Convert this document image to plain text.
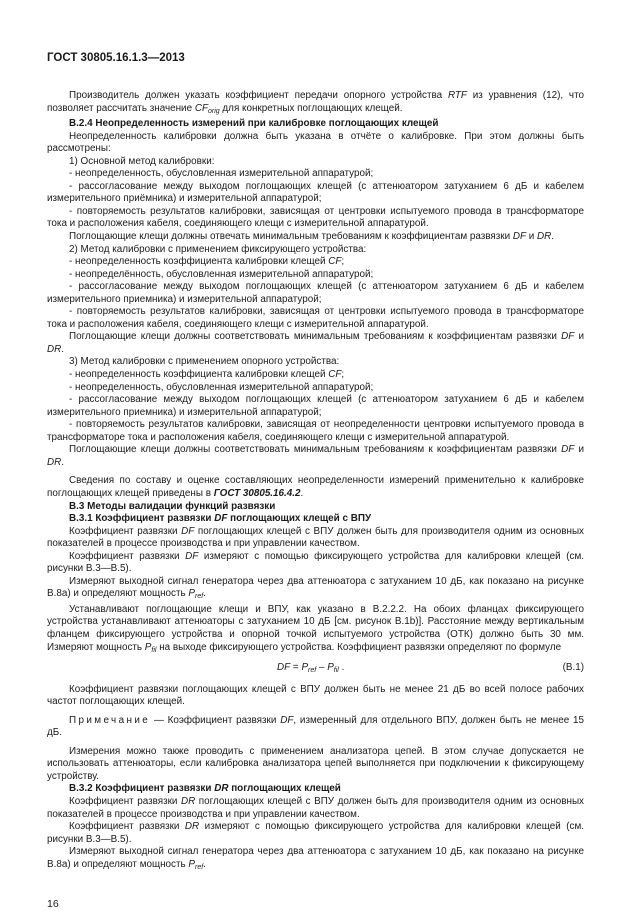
ГОСТ 30805.16.1.3—2013

Производитель должен указать коэффициент передачи опорного устройства RTF из уравнения (12), что позволяет рассчитать значение $CF_{orig}$ для конкретных поглощающих клещей.

B.2.4 Неопределенность измерений при калибровке поглощающих клещей

Неопределенность калибровки должна быть указана в отчёте о калибровке. При этом должны быть рассмотрены:

1) Основной метод калибровки:

- неопределенность, обусловленная измерительной аппаратурой;

- рассогласование между выходом поглощающих клещей (с аттенюатором затуханием 6 дБ и кабелем измерительного приёмника) и измерительной аппаратурой;

- повторяемость результатов калибровки, зависящая от центровки испытуемого провода в трансформаторе тока и расположения кабеля, соединяющего клещи с измерительной аппаратурой.

Поглощающие клещи должны отвечать минимальным требованиям к коэффициентам развязки DF и DR.

2) Метод калибровки с применением фиксирующего устройства:

- неопределенность коэффициента калибровки клещей CF;

- неопределённость, обусловленная измерительной аппаратурой;

- рассогласование между выходом поглощающих клещей (с аттенюатором затуханием 6 дБ и кабелем измерительного приемника) и измерительной аппаратурой;

- повторяемость результатов калибровки, зависящая от центровки испытуемого провода в трансформаторе тока и расположения кабеля, соединяющего клещи с измерительной аппаратурой.

Поглощающие клещи должны соответствовать минимальным требованиям к коэффициентам развязки DF и DR.

3) Метод калибровки с применением опорного устройства:

- неопределенность коэффициента калибровки клещей CF;

- неопределенность, обусловленная измерительной аппаратурой;

- рассогласование между выходом поглощающих клещей (с аттенюатором затуханием 6 дБ и кабелем измерительного приемника) и измерительной аппаратурой;

- повторяемость результатов калибровки, зависящая от неопределенности центровки испытуемого провода в трансформаторе тока и расположения кабеля, соединяющего клещи с измерительной аппаратурой.

Поглощающие клещи должны соответствовать минимальным требованиям к коэффициентам развязки DF и DR.

Сведения по составу и оценке составляющих неопределенности измерений применительно к калибровке поглощающих клещей приведены в ГОСТ 30805.16.4.2.

B.3 Методы валидации функций развязки

B.3.1 Коэффициент развязки DF поглощающих клещей с ВПУ

Коэффициент развязки DF поглощающих клещей с ВПУ должен быть для производителя одним из основных показателей в процессе производства и при управлении качеством.

Коэффициент развязки DF измеряют с помощью фиксирующего устройства для калибровки клещей (см. рисунки B.3—B.5).

Измеряют выходной сигнал генератора через два аттенюатора с затуханием 10 дБ, как показано на рисунке B.8a) и определяют мощность $P_{ref}$.

Устанавливают поглощающие клещи и ВПУ, как указано в B.2.2.2. На обоих фланцах фиксирующего устройства устанавливают аттенюаторы с затуханием 10 дБ [см. рисунок B.1b)]. Расстояние между вертикальным фланцем фиксирующего устройства и опорной точкой испытуемого устройства (ОТК) должно быть 30 мм. Измеряют мощность $P_{fil}$ на выходе фиксирующего устройства. Коэффициент развязки определяют по формуле

DF = $P_{ref} - P_{fil}$ .	(B.1)

Коэффициент развязки поглощающих клещей с ВПУ должен быть не менее 21 дБ во всей полосе рабочих частот поглощающих клещей.

Примечание — Коэффициент развязки DF, измеренный для отдельного ВПУ, должен быть не менее 15 дБ.

Измерения можно также проводить с применением анализатора цепей. В этом случае допускается не использовать аттенюаторы, если калибровка анализатора цепей выполняется при подключении к фиксирующему устройству.

B.3.2 Коэффициент развязки DR поглощающих клещей

Коэффициент развязки DR поглощающих клещей с ВПУ должен быть для производителя одним из основных показателей в процессе производства и при управлении качеством.

Коэффициент развязки DR измеряют с помощью фиксирующего устройства для калибровки клещей (см. рисунки B.3—B.5).

Измеряют выходной сигнал генератора через два аттенюатора с затуханием 10 дБ, как показано на рисунке B.8a) и определяют мощность $P_{ref}$.

16
